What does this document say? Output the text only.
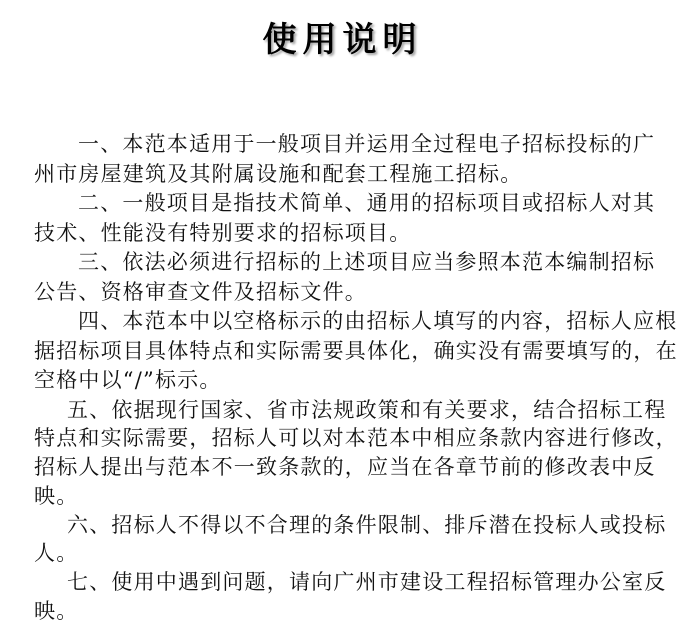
使用说明

一、本范本适用于一般项目并运用全过程电子招标投标的广
州市房屋建筑及其附属设施和配套工程施工招标。

二、一般项目是指技术简单、通用的招标项目或招标人对其
技术、性能没有特别要求的招标项目。

三、依法必须进行招标的上述项目应当参照本范本编制招标
公告、资格审查文件及招标文件。

四、本范本中以空格标示的由招标人填写的内容，招标人应根
据招标项目具体特点和实际需要具体化，确实没有需要填写的，在
空格中以“/”标示。

五、依据现行国家、省市法规政策和有关要求，结合招标工程
特点和实际需要，招标人可以对本范本中相应条款内容进行修改，
招标人提出与范本不一致条款的，应当在各章节前的修改表中反
映。

六、招标人不得以不合理的条件限制、排斥潜在投标人或投标
人。

七、使用中遇到问题，请向广州市建设工程招标管理办公室反
映。
